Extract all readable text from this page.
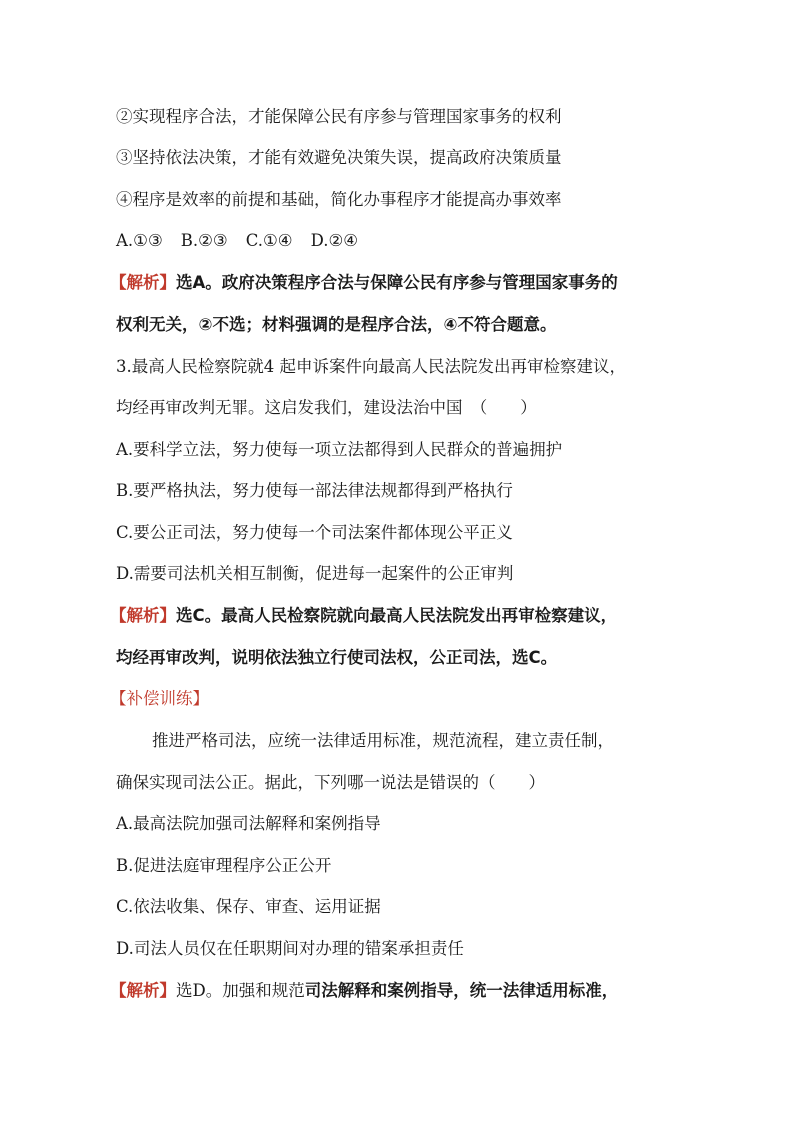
②实现程序合法，才能保障公民有序参与管理国家事务的权利
③坚持依法决策，才能有效避免决策失误，提高政府决策质量
④程序是效率的前提和基础，简化办事程序才能提高办事效率
A.①③ B.②③ C.①④ D.②④
【解析】选A。政府决策程序合法与保障公民有序参与管理国家事务的
权利无关，②不选；材料强调的是程序合法，④不符合题意。
3.最高人民检察院就4 起申诉案件向最高人民法院发出再审检察建议，
均经再审改判无罪。这启发我们，建设法治中国　（　　）
A.要科学立法，努力使每一项立法都得到人民群众的普遍拥护
B.要严格执法，努力使每一部法律法规都得到严格执行
C.要公正司法，努力使每一个司法案件都体现公平正义
D.需要司法机关相互制衡，促进每一起案件的公正审判
【解析】选C。最高人民检察院就向最高人民法院发出再审检察建议，
均经再审改判，说明依法独立行使司法权，公正司法，选C。
【补偿训练】
推进严格司法，应统一法律适用标准，规范流程，建立责任制，
确保实现司法公正。据此，下列哪一说法是错误的（　　）
A.最高法院加强司法解释和案例指导
B.促进法庭审理程序公正公开
C.依法收集、保存、审查、运用证据
D.司法人员仅在任职期间对办理的错案承担责任
【解析】选D。加强和规范司法解释和案例指导，统一法律适用标准，
